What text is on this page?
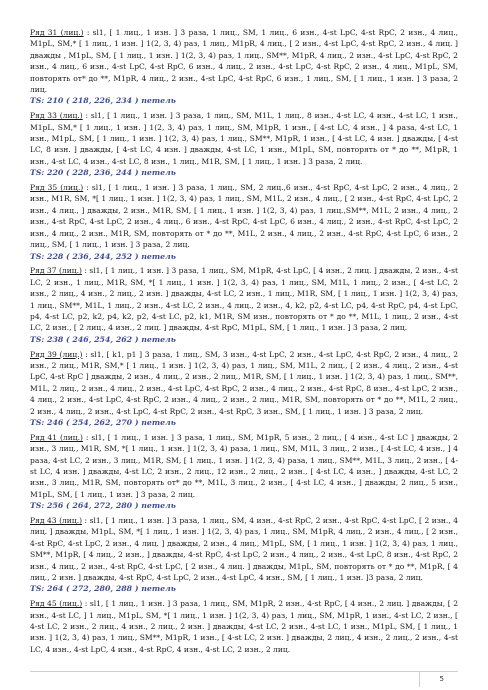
Ряд 31 (лиц.) : sl1, [ 1 лиц., 1 изн. ] 3 раза, 1 лиц., SM, 1 лиц., 6 изн., 4-st LpC, 4-st RpC, 2 изн., 4 лиц., M1pL, SM,* [ 1 лиц., 1 изн. ] 1(2, 3, 4) раз, 1 лиц., M1pR, 4 лиц., [ 2 изн., 4-st LpC, 4-st RpC, 2 изн., 4 лиц. ] дважды , M1pL, SM, [ 1 лиц., 1 изн. ] 1(2, 3, 4) раз, 1 лиц., SM**, M1pR, 4 лиц., 2 изн., 4-st LpC, 4-st RpC, 2 изн., 4 лиц., 6 изн., 4-st LpC, 4-st RpC, 6 изн., 4 лиц., 2 изн., 4-st LpC, 4-st RpC, 2 изн., 4 лиц., M1pL, SM, повторять от* до **, M1pR, 4 лиц., 2 изн., 4-st LpC, 4-st RpC, 6 изн., 1 лиц., SM, [ 1 лиц., 1 изн. ] 3 раза, 2 лиц.

TS: 210 ( 218, 226, 234 ) петель

Ряд 33 (лиц.) : sl1, [ 1 лиц., 1 изн. ] 3 раза, 1 лиц., SM, M1L, 1 лиц., 8 изн., 4-st LC, 4 изн., 4-st LC, 1 изн., M1pL, SM,* [ 1 лиц., 1 изн. ] 1(2, 3, 4) раз, 1 лиц., SM, M1pR, 1 изн., [ 4-st LC, 4 изн., ] 4 раза, 4-st LC, 1 изн., M1pL, SM, [ 1 лиц., 1 изн. ] 1(2, 3, 4) раз, 1 лиц., SM**, M1pR, 1 изн., [ 4-st LC, 4 изн. ] дважды, [ 4-st LC, 8 изн. ] дважды, [ 4-st LC, 4 изн. ] дважды, 4-st LC, 1 изн., M1pL, SM, повторять от * до **, M1pR, 1 изн., 4-st LC, 4 изн., 4-st LC, 8 изн., 1 лиц., M1R, SM, [ 1 лиц., 1 изн. ] 3 раза, 2 лиц.

TS: 220 ( 228, 236, 244 ) петель

Ряд 35 (лиц.) : sl1, [ 1 лиц., 1 изн. ] 3 раза, 1 лиц., SM, 2 лиц.,6 изн., 4-st RpC, 4-st LpC, 2 изн., 4 лиц., 2 изн., M1R, SM, *[ 1 лиц., 1 изн. ] 1(2, 3, 4) раз, 1 лиц., SM, M1L, 2 изн., 4 лиц., [ 2 изн., 4-st RpC, 4-st LpC, 2 изн., 4 лиц., ] дважды, 2 изн., M1R, SM, [ 1 лиц., 1 изн. ] 1(2, 3, 4) раз, 1 лиц.,SM**, M1L, 2 изн., 4 лиц., 2 изн., 4-st RpC, 4-st LpC, 2 изн., 4 лиц., 6 изн., 4-st RpC, 4-st LpC, 6 изн., 4 лиц., 2 изн., 4-st RpC, 4-st LpC, 2 изн., 4 лиц., 2 изн., M1R, SM, повторять от * до **, M1L, 2 изн., 4 лиц., 2 изн., 4-st RpC, 4-st LpC, 6 изн., 2 лиц., SM, [ 1 лиц., 1 изн. ] 3 раза, 2 лиц.

TS: 228 ( 236, 244, 252 ) петель

Ряд 37 (лиц.) : sl1, [ 1 лиц., 1 изн. ] 3 раза, 1 лиц., SM, M1pR, 4-st LpC, [ 4 изн., 2 лиц. ] дважды, 2 изн., 4-st LC, 2 изн., 1 лиц., M1R, SM, *[ 1 лиц., 1 изн. ] 1(2, 3, 4) раз, 1 лиц., SM, M1L, 1 лиц., 2 изн., [ 4-st LC, 2 изн., 2 лиц., 4 изн., 2 лиц., 2 изн. ] дважды, 4-st LC, 2 изн., 1 лиц., M1R, SM, [ 1 лиц., 1 изн. ] 1(2, 3, 4) раз, 1 лиц., SM**, M1L, 1 лиц., 2 изн., 4-st LC, 2 изн., 4 лиц., 2 изн., 4, k2, p2, 4-st LC, p4, 4-st RpC, p4, 4-st LpC, p4, 4-st LC, p2, k2, p4, k2, p2, 4-st LC, p2, k1, M1R, SM изн., повторять от * до **, M1L, 1 лиц., 2 изн., 4-st LC, 2 изн., [ 2 лиц., 4 изн., 2 лиц. ] дважды, 4-st RpC, M1pL, SM, [ 1 лиц., 1 изн. ] 3 раза, 2 лиц.

TS: 238 ( 246, 254, 262 ) петель

Ряд 39 (лиц.) : sl1, [ k1, p1 ] 3 раза, 1 лиц., SM, 3 изн., 4-st LpC, 2 изн., 4-st LpC, 4-st RpC, 2 изн., 4 лиц., 2 изн., 2 лиц., M1R, SM,* [ 1 лиц., 1 изн. ] 1(2, 3, 4) раз, 1 лиц., SM, M1L, 2 лиц., [ 2 изн., 4 лиц., 2 изн., 4-st LpC, 4-st RpC ] дважды, 2 изн., 4 лиц., 2 изн., 2 лиц., M1R, SM, [ 1 лиц., 1 изн. ] 1(2, 3, 4) раз, 1 лиц., SM**, M1L, 2 лиц., 2 изн., 4 лиц., 2 изн., 4-st LpC, 4-st RpC, 2 изн., 4 лиц., 2 изн., 4-st RpC, 8 изн., 4-st LpC, 2 изн., 4 лиц., 2 изн., 4-st LpC, 4-st RpC, 2 изн., 4 лиц., 2 изн., 2 лиц., M1R, SM, повторять от * до **, M1L, 2 лиц., 2 изн., 4 лиц., 2 изн., 4-st LpC, 4-st RpC, 2 изн., 4-st RpC, 3 изн., SM, [ 1 лиц., 1 изн. ] 3 раза, 2 лиц.

TS: 246 ( 254, 262, 270 ) петель

Ряд 41 (лиц.) : sl1, [ 1 лиц., 1 изн. ] 3 раза, 1 лиц., SM, M1pR, 5 изн., 2 лиц., [ 4 изн., 4-st LC ] дважды, 2 изн., 3 лиц., M1R, SM, *[ 1 лиц., 1 изн. ] 1(2, 3, 4) раза, 1 лиц., SM, M1L, 3 лиц., 2 изн., [ 4-st LC, 4 изн., ] 4 раза, 4-st LC, 2 изн., 3 лиц., M1R, SM, [ 1 лиц., 1 изн. ] 1(2, 3, 4) раза, 1 лиц., SM**, M1L, 3 лиц., 2 изн., [ 4-st LC, 4 изн. ] дважды, 4-st LC, 2 изн., 2 лиц., 12 изн., 2 лиц., 2 изн., [ 4-st LC, 4 изн., ] дважды, 4-st LC, 2 изн., 3 лиц., M1R, SM, повторять от* до **, M1L, 3 лиц., 2 изн., [ 4-st LC, 4 изн., ] дважды, 2 лиц., 5 изн., M1pL, SM, [ 1 лиц., 1 изн. ] 3 раза, 2 лиц.

TS: 256 ( 264, 272, 280 ) петель

Ряд 43 (лиц.) : sl1, [ 1 лиц., 1 изн. ] 3 раза, 1 лиц., SM, 4 изн., 4-st RpC, 2 изн., 4-st RpC, 4-st LpC, [ 2 изн., 4 лиц. ] дважды, M1pL, SM, *[ 1 лиц., 1 изн. ] 1(2, 3, 4) раз, 1 лиц., SM, M1pR, 4 лиц., 2 изн., 4 лиц., [ 2 изн., 4-st RpC, 4-st LpC, 2 изн., 4 лиц. ] дважды, 2 изн., 4 лиц., M1pL, SM, [ 1 лиц., 1 изн. ] 1(2, 3, 4) раз, 1 лиц., SM**, M1pR, [ 4 лиц., 2 изн., ] дважды, 4-st RpC, 4-st LpC, 2 изн., 4 лиц., 2 изн., 4-st LpC, 8 изн., 4-st RpC, 2 изн., 4 лиц., 2 изн., 4-st RpC, 4-st LpC, [ 2 изн., 4 лиц. ] дважды, M1pL, SM, повторять от * до **, M1pR, [ 4 лиц., 2 изн. ] дважды, 4-st RpC, 4-st LpC, 2 изн., 4-st LpC, 4 изн., SM, [ 1 лиц., 1 изн. ]3 раза, 2 лиц.

TS: 264 ( 272, 280, 288 ) петель

Ряд 45 (лиц.) : sl1, [ 1 лиц., 1 изн. ] 3 раза, 1 лиц., SM, M1pR, 2 изн., 4-st RpC, [ 4 изн., 2 лиц. ] дважды, [ 2 изн., 4-st LC, ] 1 лиц., M1pL, SM, *[ 1 лиц., 1 изн. ] 1(2, 3, 4) раз, 1 лиц., SM, M1pR, 1 изн., 4-st LC, 2 изн., [ 4-st LC, 2 изн., 2 лиц., 4 изн., 2 лиц., 2 изн. ] дважды, 4-st LC, 2 изн., 4-st LC, 1 изн., M1pL, SM, [ 1 лиц., 1 изн. ] 1(2, 3, 4) раз, 1 лиц., SM**, M1pR, 1 изн., [ 4-st LC, 2 изн. ] дважды, 2 лиц., 4 изн., 2 лиц., 2 изн., 4-st LC, 4 изн., 4-st LpC, 4 изн., 4-st RpC, 4 изн., 4-st LC, 2 изн., 2 лиц.

5
